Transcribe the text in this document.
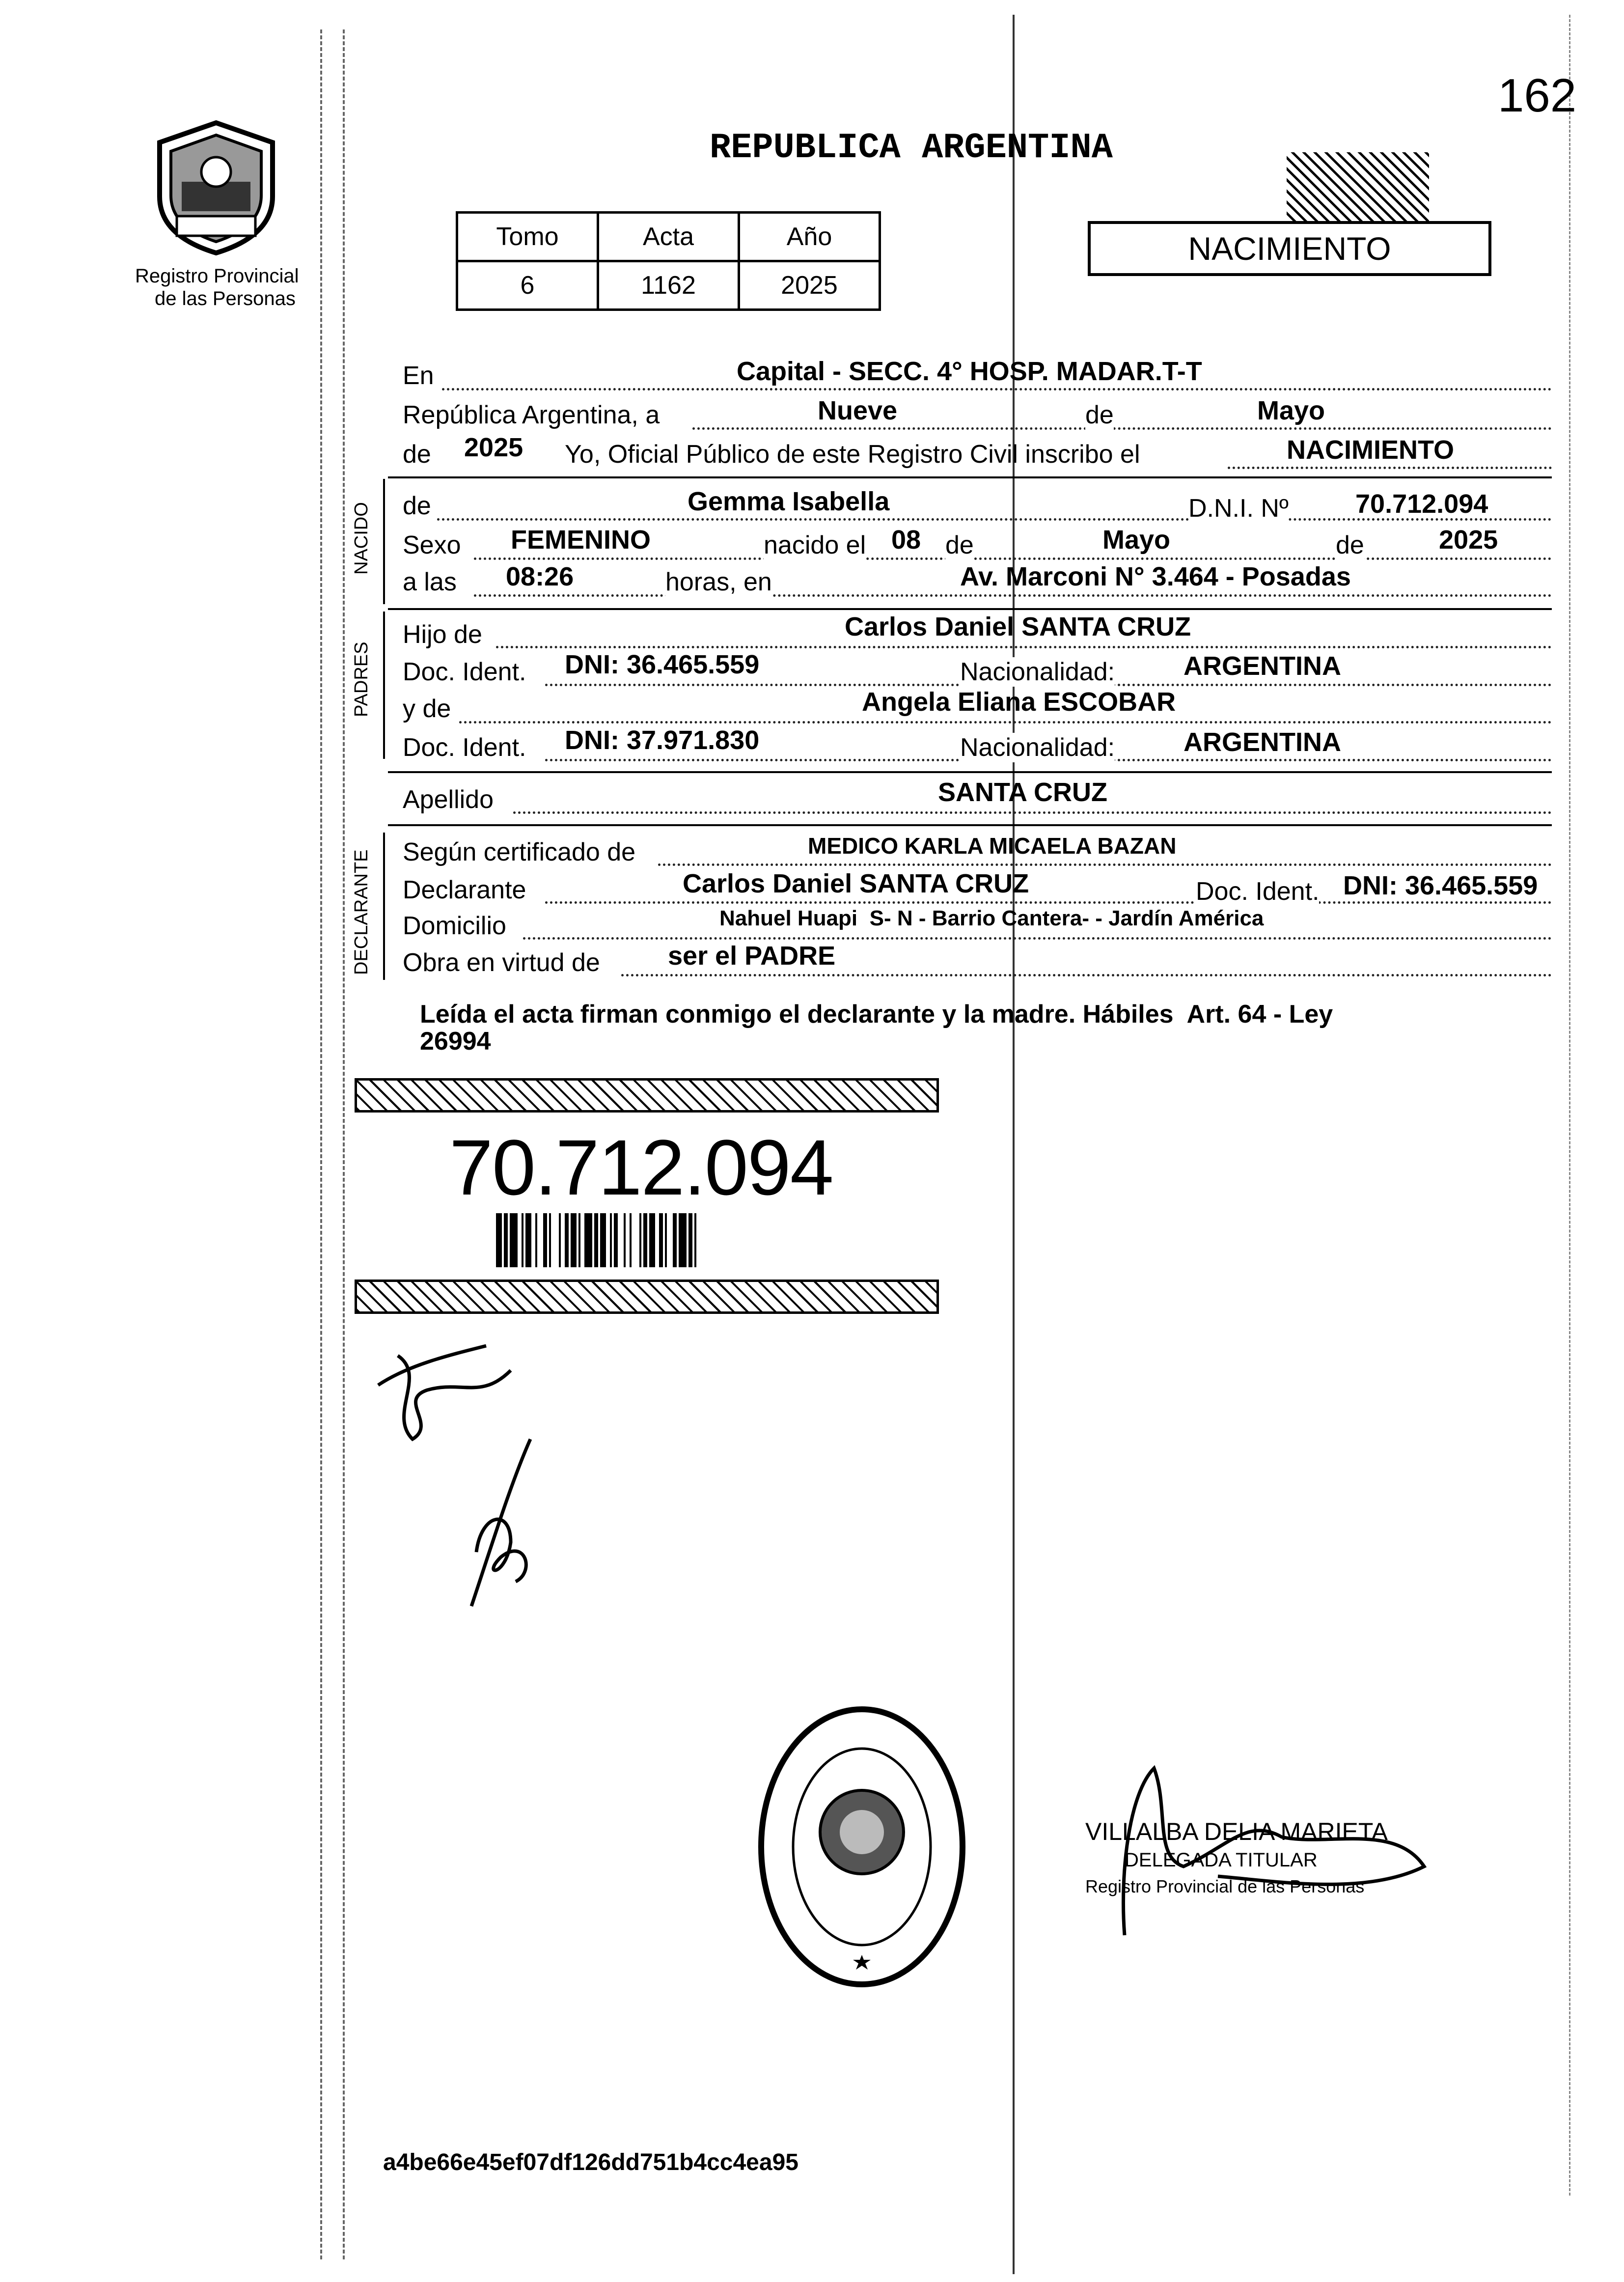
162
Registro Provincial
de las Personas
REPUBLICA ARGENTINA
NACIMIENTO
Tomo	Acta	Año
6	1162	2025
En	Capital - SECC. 4° HOSP. MADAR.T-T
República Argentina, a	Nueve	de	Mayo
de 2025 Yo, Oficial Público de este Registro Civil inscribo el	NACIMIENTO
NACIDO de	Gemma Isabella	D.N.I. Nº	70.712.094
Sexo FEMENINO	nacido el 08 de	Mayo	de	2025
a las 08:26	horas, en	Av. Marconi N° 3.464 - Posadas
PADRES
Hijo de	Carlos Daniel SANTA CRUZ
Doc. Ident. DNI: 36.465.559	Nacionalidad:	ARGENTINA
y de	Angela Eliana ESCOBAR
Doc. Ident. DNI: 37.971.830	Nacionalidad:	ARGENTINA
Apellido	SANTA CRUZ
DECLARANTE Según certificado de	MEDICO KARLA MICAELA BAZAN
Declarante	Carlos Daniel SANTA CRUZ	Doc. Ident. DNI: 36.465.559
Domicilio	Nahuel Huapi  S- N - Barrio Cantera- - Jardín América
Obra en virtud de	ser el PADRE
Leída el acta firman conmigo el declarante y la madre. Hábiles  Art. 64 - Ley
26994
70.712.094
VILLALBA DELIA MARIETA
DELEGADA TITULAR
Registro Provincial de las Personas
a4be66e45ef07df126dd751b4cc4ea95
